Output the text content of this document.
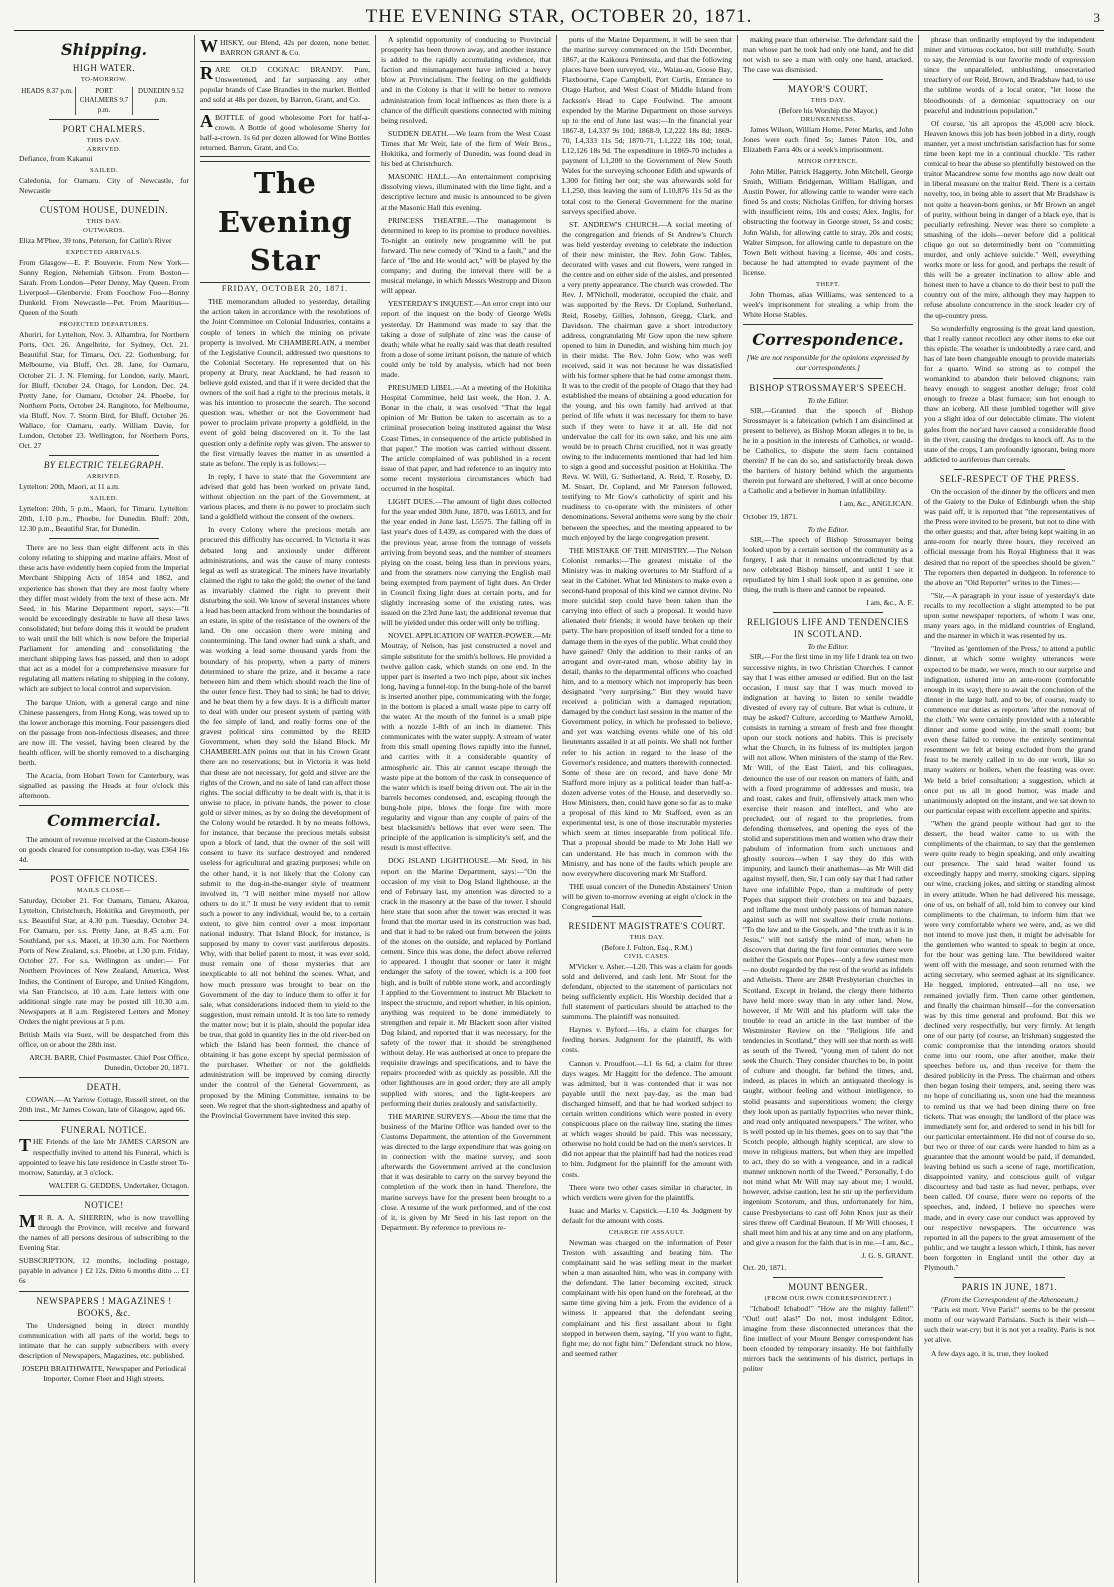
THE EVENING STAR, OCTOBER 20, 1871.	3
Shipping.
HIGH WATER.
TO-MORROW.
HEADS 8.37 p.m.	PORT CHALMERS 9.7 p.m.
DUNEDIN 9.52 p.m.
PORT CHALMERS.
THIS DAY.
ARRIVED.
Defiance, from Kakanui
SAILED.
Caledonia, for Oamaru. City of Newcastle, for Newcastle
CUSTOM HOUSE, DUNEDIN.
THIS DAY.
OUTWARDS.
Eliza M'Phee, 39 tons, Peterson, for Catlin's River
EXPECTED ARRIVALS.
From Glasgow—E. P. Bouverie. From New York—Sunny Region, Nehemiah Gibson. From Boston—Sarah. From London—Peter Denny, May Queen. From Liverpool—Glenbervie. From Foochow Foo—Bonny Dunkeld. From Newcastle—Pet. From Mauritius—Queen of the South
PROJECTED DEPARTURES.
Ahuriri, for Lyttelton, Nov. 3. Alhambra, for Northern Ports, Oct. 26. Angelbrite, for Sydney, Oct. 21. Beautiful Star, for Timaru, Oct. 22. Gothenburg, for Melbourne, via Bluff, Oct. 28. Jane, for Oamaru, October 21. J. N. Fleming, for London, early. Maori, for Bluff, October 24. Otago, for London, Dec. 24. Pretty Jane, for Oamaru, October 24. Phoebe, for Northern Ports, October 24. Rangitoto, for Melbourne, via Bluff, Nov. 7. Storm Bird, for Bluff, October 26. Wallace, for Oamaru, early. William Davie, for London, October 23. Wellington, for Northern Ports, Oct. 27
BY ELECTRIC TELEGRAPH.
ARRIVED.
Lyttelton: 20th, Maori, at 11 a.m.
SAILED.
Lyttelton: 20th, 5 p.m., Maori, for Timaru. Lyttelton: 20th, 1.10 p.m., Phoebe, for Dunedin. Bluff: 20th, 12.30 p.m., Beautiful Star, for Dunedin.
There are no less than eight different acts in this colony relating to shipping and marine affairs. Most of these acts have evidently been copied from the Imperial Merchant Shipping Acts of 1854 and 1862, and experience has shown that they are most faulty where they differ most widely from the text of these acts. Mr Seed, in his Marine Department report, says:—"It would be exceedingly desirable to have all these laws consolidated; but before doing this it would be prudent to wait until the bill which is now before the Imperial Parliament for amending and consolidating the merchant shipping laws has passed, and then to adopt that act as a model for a comprehensive measure for regulating all matters relating to shipping in the colony, which are subject to local control and supervision.
The barque Union, with a general cargo and nine Chinese passengers, from Hong Kong, was towed up to the lower anchorage this morning. Four passengers died on the passage from non-infectious diseases, and three are now ill. The vessel, having been cleared by the health officer, will be shortly removed to a discharging berth.
The Acacia, from Hobart Town for Canterbury, was signalled as passing the Heads at four o'clock this afternoon.
Commercial.
The amount of revenue received at the Custom-house on goods cleared for consumption to-day, was £364 16s 4d.
POST OFFICE NOTICES.
MAILS CLOSE—
Saturday, October 21. For Oamaru, Timaru, Akaroa, Lyttelton, Christchurch, Hokitika and Greymouth, per s.s. Beautiful Star, at 4.30 p.m. Tuesday, October 24. For Oamaru, per s.s. Pretty Jane, at 8.45 a.m. For Southland, per s.s. Maori, at 10.30 a.m. For Northern Ports of New Zealand, s.s. Phoebe, at 1.30 p.m. Friday, October 27. For s.s. Wellington as under:— For Northern Provinces of New Zealand, America, West Indies, the Continent of Europe, and United Kingdom, via San Francisco, at 10 a.m. Late letters with one additional single rate may be posted till 10.30 a.m. Newspapers at 8 a.m. Registered Letters and Money Orders the night previous at 5 p.m.
British Mails via Suez, will be despatched from this office, on or about the 28th inst.
ARCH. BARR, Chief Postmaster. Chief Post Office, Dunedin, October 20, 1871.
DEATH.
COWAN.—At Yarrow Cottage, Russell street, on the 20th inst., Mr James Cowan, late of Glasgow, aged 66.
FUNERAL NOTICE.
THE Friends of the late Mr JAMES CARSON are respectfully invited to attend his Funeral, which is appointed to leave his late residence in Castle street To-morrow, Saturday, at 3 o'clock.
WALTER G. GEDDES, Undertaker, Octagon.
NOTICE!
MR R. A. A. SHERRIN, who is now travelling through the Province, will receive and forward the names of all persons desirous of subscribing to the Evening Star.
SUBSCRIPTION, 12 months, including postage, payable in advance } £2 12s. Ditto 6 months ditto ... £1 6s
NEWSPAPERS ! MAGAZINES ! BOOKS, &c.
The Undersigned being in direct monthly communication with all parts of the world, begs to intimate that he can supply subscribers with every description of Newspapers, Magazines, etc. published.
JOSEPH BRAITHWAITE, Newspaper and Periodical Importer, Corner Fleet and High streets.
WHISKY, our Blend, 42s per dozen, none better. BARRON GRANT & Co.
RARE OLD COGNAC BRANDY. Pure, Unsweetened, and far surpassing any other popular brands of Case Brandies in the market. Bottled and sold at 48s per dozen, by Barron, Grant, and Co.
ABOTTLE of good wholesome Port for half-a-crown. A Bottle of good wholesome Sherry for half-a-crown. 1s 6d per dozen allowed for Wine Bottles returned. Barron, Grant, and Co.
The Evening Star
FRIDAY, OCTOBER 20, 1871.
THE memorandum alluded to yesterday, detailing the action taken in accordance with the resolutions of the Joint Committee on Colonial Industries, contains a couple of letters in which the mining on private property is involved. Mr CHAMBERLAIN, a member of the Legislative Council, addressed two questions to the Colonial Secretary. He represented that on his property at Drury, near Auckland, he had reason to believe gold existed, and that if it were decided that the owners of the soil had a right to the precious metals, it was his intention to prosecute the search. The second question was, whether or not the Government had power to proclaim private property a goldfield, in the event of gold being discovered on it. To the last question only a definite reply was given. The answer to the first virtually leaves the matter in as unsettled a state as before. The reply is as follows:—
In reply, I have to state that the Government are advised that gold has been worked on private land, without objection on the part of the Government, at various places, and there is no power to proclaim such land a goldfield without the consent of the owners.
In every Colony where the precious metals are procured this difficulty has occurred. In Victoria it was debated long and anxiously under different administrations, and was the cause of many contests legal as well as strategical. The miners have invariably claimed the right to take the gold; the owner of the land as invariably claimed the right to prevent their disturbing the soil. We know of several instances where a lead has been attacked from without the boundaries of an estate, in spite of the resistance of the owners of the land. On one occasion there were mining and countermining. The land owner had sunk a shaft, and was working a lead some thousand yards from the boundary of his property, when a party of miners determined to share the prize, and it became a race between him and them which should reach the line of the outer fence first. They had to sink; he had to drive; and he beat them by a few days. It is a difficult matter to deal with under our present system of parting with the fee simple of land, and really forms one of the gravest political sins committed by the REID Government, when they sold the Island Block. Mr CHAMBERLAIN points out that in his Crown Grant there are no reservations; but in Victoria it was held that these are not necessary, for gold and silver are the rights of the Crown, and no sale of land can affect those rights. The social difficulty to be dealt with is, that it is unwise to place, in private hands, the power to close gold or silver mines, as by so doing the development of the Colony would be retarded. It by no means follows, for instance, that because the precious metals subsist upon a block of land, that the owner of the soil will consent to have its surface destroyed and rendered useless for agricultural and grazing purposes; while on the other hand, it is not likely that the Colony can submit to the dog-in-the-manger style of treatment involved in, "I will neither mine myself nor allow others to do it." It must be very evident that to remit such a power to any individual, would be, to a certain extent, to give him control over a most important national industry. That Island Block, for instance, is supposed by many to cover vast auriferous deposits. Why, with that belief patent to most, it was ever sold, must remain one of those mysteries that are inexplicable to all not behind the scenes. What, and how much pressure was brought to bear on the Government of the day to induce them to offer it for sale, what considerations induced them to yield to the suggestion, must remain untold. It is too late to remedy the matter now; but it is plain, should the popular idea be true, that gold in quantity lies in the old river-bed on which the Island has been formed, the chance of obtaining it has gone except by special permission of the purchaser. Whether or not the goldfields administration will be improved by coming directly under the control of the General Government, as proposed by the Mining Committee, remains to be seen. We regret that the short-sightedness and apathy of the Provincial Government have invited this step.
A splendid opportunity of conducing to Provincial prosperity has been thrown away, and another instance is added to the rapidly accumulating evidence, that faction and mismanagement have inflicted a heavy blow at Provincialism. The feeling on the goldfields and in the Colony is that it will be better to remove administration from local influences as then there is a chance of the difficult questions connected with mining being resolved.
SUDDEN DEATH.—We learn from the West Coast Times that Mr Weir, late of the firm of Weir Bros., Hokitika, and formerly of Dunedin, was found dead in his bed at Christchurch.
MASONIC HALL.—An entertainment comprising dissolving views, illuminated with the lime light, and a descriptive lecture and music is announced to be given at the Masonic Hall this evening.
PRINCESS THEATRE.—The management is determined to keep to its promise to produce novelties. To-night an entirely new programme will be put forward. The new comedy of "Kind to a fault," and the farce of "Ibe and He would act," will be played by the company; and during the interval there will be a musical melange, in which Messrs Westropp and Dixon will appear.
YESTERDAY'S INQUEST.—An error crept into our report of the inquest on the body of George Wells yesterday. Dr Hammond was made to say that the taking a dose of sulphate of zinc was the cause of death; while what he really said was that death resulted from a dose of some irritant poison, the nature of which could only be told by analysis, which had not been made.
PRESUMED LIBEL.—At a meeting of the Hokitika Hospital Committee, held last week, the Hon. J. A. Bonar in the chair, it was resolved "That the legal opinion of Mr Button be taken to ascertain as to a criminal prosecution being instituted against the West Coast Times, in consequence of the article published in that paper." The motion was carried without dissent. The article complained of was published in a recent issue of that paper, and had reference to an inquiry into some recent mysterious circumstances which had occurred in the hospital.
LIGHT DUES.—The amount of light dues collected for the year ended 30th June, 1870, was L6013, and for the year ended in June last, L5575. The falling off in last year's dues of L439, as compared with the dues of the previous year, arose from the tonnage of vessels arriving from beyond seas, and the number of steamers plying on the coast, being less than in previous years, and from the steamers now carrying the English mail being exempted from payment of light dues. An Order in Council fixing light dues at certain ports, and for slightly increasing some of the existing rates, was issued on the 23rd June last; the additional revenue that will be yielded under this order will only be trifling.
NOVEL APPLICATION OF WATER-POWER.—Mr Moutray, of Nelson, has just constructed a novel and simple substitute for the smith's bellows. He provided a twelve gallon cask, which stands on one end. In the upper part is inserted a two inch pipe, about six inches long, having a funnel-top. In the bung-hole of the barrel is inserted another pipe, communicating with the forge; in the bottom is placed a small waste pipe to carry off the water. At the mouth of the funnel is a small pipe with a nozzle 1-8th of an inch in diameter. This communicates with the water supply. A stream of water from this small opening flows rapidly into the funnel, and carries with it a considerable quantity of atmospheric air. This air cannot escape through the waste pipe at the bottom of the cask in consequence of the water which is itself being driven out. The air in the barrels becomes condensed, and, escaping through the bung-hole pipe, blows the forge fire with more regularity and vigour than any couple of pairs of the best blacksmith's bellows that ever were seen. The principle of the application is simplicity's self, and the result is most effective.
DOG ISLAND LIGHTHOUSE.—Mr Seed, in his report on the Marine Department, says:—"On the occasion of my visit to Dog Island lighthouse, at the end of February last, my attention was directed to a crack in the masonry at the base of the tower. I should here state that soon after the tower was erected it was found that the mortar used in its construction was bad, and that it had to be raked out from between the joints of the stones on the outside, and replaced by Portland cement. Since this was done, the defect above referred to appeared. I thought that sooner or later it might endanger the safety of the tower, which is a 100 feet high, and is built of rubble stone work, and accordingly I applied to the Government to instruct Mr Blackett to inspect the structure, and report whether, in his opinion, anything was required to be done immediately to strengthen and repair it. Mr Blackett soon after visited Dog Island, and reported that it was necessary, for the safety of the tower that it should be strengthened without delay. He was authorised at once to prepare the requisite drawings and specifications, and to have the repairs proceeded with as quickly as possible. All the other lighthouses are in good order; they are all amply supplied with stores, and the light-keepers are performing their duties zealously and satisfactorily.
THE MARINE SURVEYS.—About the time that the business of the Marine Office was handed over to the Customs Department, the attention of the Government was directed to the large expenditure that was going on in connection with the marine survey, and soon afterwards the Government arrived at the conclusion that it was desirable to carry on the survey beyond the completion of the work then in hand. Therefore, the marine surveys have for the present been brought to a close. A resume of the work performed, and of the cost of it, is given by Mr Seed in his last report on the Department. By reference to previous re-
ports of the Marine Department, it will be seen that the marine survey commenced on the 15th December, 1867, at the Kaikoura Peninsula, and that the following places have been surveyed, viz., Waiau-au, Goose Bay, Flaxbourne, Cape Campbell, Port Curtis, Entrance to Otago Harbor, and West Coast of Middle Island from Jackson's Head to Cape Foulwind. The amount expended by the Marine Department on those surveys up to the end of June last was:—In the financial year 1867-8, L4,337 9s 10d; 1868-9, L2,222 18s 8d; 1869-70, L4,333 11s 5d; 1870-71, L1,222 18s 10d; total, L12,126 18s 9d. The expenditure in 1869-70 includes a payment of L1,200 to the Government of New South Wales for the surveying schooner Edith and upwards of L300 for fitting her out; she was afterwards sold for L1,250, thus leaving the sum of L10,876 11s 5d as the total cost to the General Government for the marine surveys specified above.
ST. ANDREW'S CHURCH.—A social meeting of the congregation and friends of St Andrew's Church was held yesterday evening to celebrate the induction of their new minister, the Rev. John Gow. Tables, decorated with vases and cut flowers, were ranged in the centre and on either side of the aisles, and presented a very pretty appearance. The church was crowded. The Rev. J. M'Nicholl, moderator, occupied the chair, and was supported by the Revs. Dr Copland, Sutherland, Reid, Roseby, Gillies, Johnson, Gregg, Clark, and Davidson. The chairman gave a short introductory address, congratulating Mr Gow upon the new sphere opened to him in Dunedin, and wishing him much joy in their midst. The Rev. John Gow, who was well received, said it was not because he was dissatisfied with his former sphere that he had come amongst them. It was to the credit of the people of Otago that they had established the means of obtaining a good education for the young, and his own family had arrived at that period of life when it was necessary for them to have such if they were to have it at all. He did not undervalue the call for its own sake, and his one aim would be to preach Christ crucified, not it was greatly owing to the inducements mentioned that had led him to sign a good and successful position at Hokitika. The Revs. W. Will, G. Sutherland, A. Reid, T. Roseby, D. M. Stuart, Dr. Copland, and Mr Paterson followed, testifying to Mr Gow's catholicity of spirit and his readiness to co-operate with the ministers of other denominations. Several anthems were sung by the choir between the speeches, and the meeting appeared to be much enjoyed by the large congregation present.
THE MISTAKE OF THE MINISTRY.—The Nelson Colonist remarks:—The greatest mistake of the Ministry was in making overtures to Mr Stafford of a seat in the Cabinet. What led Ministers to make even a second-hand proposal of this kind we cannot divine. No more suicidal step could have been taken than the carrying into effect of such a proposal. It would have alienated their friends; it would have broken up their party. The bare proposition of itself tended for a time to damage them in the eyes of the public. What could they have gained? Only the addition to their ranks of an arrogant and over-rated man, whose ability lay in detail, thanks to the departmental officers who coached him, and to a memory which not improperly has been designated "very surprising." But they would have received a politician with a damaged reputation; damaged by the conduct last session in the matter of the Government policy, in which he professed to believe, and yet was watching events while one of his old lieutenants assailed it at all points. We shall not further refer to his action in regard to the lease of the Governor's residence, and matters therewith connected. Some of these are on record, and have done Mr Stafford more injury as a political leader than half-a-dozen adverse votes of the House, and deservedly so. How Ministers, then, could have gone so far as to make a proposal of this kind to Mr Stafford, even as an experimental test, is one of those inscrutable mysteries which seem at times inseparable from political life. That a proposal should be made to Mr John Hall we can understand. He has much in common with the Ministry, and has none of the faults which people are now everywhere discovering mark Mr Stafford.
THE usual concert of the Dunedin Abstainers' Union will be given to-morrow evening at eight o'clock in the Congregational Hall.
RESIDENT MAGISTRATE'S COURT.
THIS DAY.
(Before J. Fulton, Esq., R.M.)
CIVIL CASES.
M'Vicker v. Asher.—L20. This was a claim for goods sold and delivered, and cash lent. Mr Stout for the defendant, objected to the statement of particulars not being sufficiently explicit. His Worship decided that a full statement of particulars should be attached to the summons. The plaintiff was nonsuited.
Haynes v. Byford.—16s, a claim for charges for feeding horses. Judgment for the plaintiff, 8s with costs.
Cannon v. Proudfoot.—L1 6s 6d, a claim for three days wages. Mr Haggitt for the defence. The amount was admitted, but it was contended that it was not payable until the next pay-day, as the man had discharged himself, and that he had worked subject to certain written conditions which were posted in every conspicuous place on the railway line, stating the times at which wages should be paid. This was necessary, otherwise no hold could be had on the men's services. It did not appear that the plaintiff had had the notices read to him. Judgment for the plaintiff for the amount with costs.
There were two other cases similar in character, in which verdicts were given for the plaintiffs.
Isaac and Marks v. Capstick.—L10 4s. Judgment by default for the amount with costs.
CHARGE OF ASSAULT.
Newman was charged on the information of Peter Treston with assaulting and beating him. The complainant said he was selling meat in the market when a man assaulted him, who was in company with the defendant. The latter becoming excited, struck complainant with his open hand on the forehead, at the same time giving him a jerk. From the evidence of a witness it appeared that the defendant seeing complainant and his first assailant about to fight stepped in between them, saying, "If you want to fight, fight me; do not fight him." Defendant struck no blow, and seemed rather
making peace than otherwise. The defendant said the man whose part he took had only one hand, and he did not wish to see a man with only one hand, attacked. The case was dismissed.
MAYOR'S COURT.
THIS DAY.
(Before his Worship the Mayor.)
DRUNKENNESS.
James Wilson, William Home, Peter Marks, and John Jones were each fined 5s; James Paton 10s, and Elizabeth Farra 40s or a week's imprisonment.
MINOR OFFENCE.
John Miller, Patrick Haggerty, John Mitchell, George Smith, William Bridgeman, William Halligan, and Austin Power, for allowing cattle to wander were each fined 5s and costs; Nicholas Griffen, for driving horses with insufficient reins, 10s and costs; Alex. Inglis, for obstructing the footway in George street, 5s and costs; John Walsh, for allowing cattle to stray, 20s and costs; Walter Simpson, for allowing cattle to depasture on the Town Belt without having a license, 40s and costs, because he had attempted to evade payment of the license.
THEFT.
John Thomas, alias Williams, was sentenced to a week's imprisonment for stealing a whip from the White Horse Stables.
Correspondence.
[We are not responsible for the opinions expressed by our correspondents.]
BISHOP STROSSMAYER'S SPEECH.
To the Editor.
SIR,—Granted that the speech of Bishop Strossmayer is a fabrication (which I am disinclined at present to believe), as Bishop Moran alleges it to be, is he in a position in the interests of Catholics, or would-be Catholics, to dispute the stern facts contained therein? If he can do so, and satisfactorily break down the barriers of history behind which the arguments therein put forward are sheltered, I will at once become a Catholic and a believer in human infallibility.
I am, &c., ANGLICAN.
October 19, 1871.
To the Editor.
SIR,—The speech of Bishop Strossmayer being looked upon by a certain section of the community as a forgery, I ask that it remains uncontradicted by that now celebrated Bishop himself, and until I see it repudiated by him I shall look upon it as genuine, one thing, the truth is there and cannot be repeated.
I am, &c., A. F.
RELIGIOUS LIFE AND TENDENCIES IN SCOTLAND.
To the Editor.
SIR,—For the first time in my life I drank tea on two successive nights, in two Christian Churches. I cannot say that I was either amused or edified. But on the last occasion, I must say that I was much moved to indignation at having to listen to senile twaddle divested of every ray of culture. But what is culture, it may be asked? Culture, according to Matthew Arnold, consists in turning a stream of fresh and free thought upon our stock notions and habits. This is precisely what the Church, in its fulness of its multiplex jargon will not allow. When ministers of the stamp of the Rev. Mr Will, of the East Taieri, and his colleagues, denounce the use of our reason on matters of faith, and with a fixed programme of addresses and music, tea and toast, cakes and fruit, offensively attack men who exercise their reason and intellect, and who are precluded, out of regard to the proprieties, from defending themselves, and opening the eyes of the stolid and superstitious men and women who draw their pabulum of information from such unctuous and ghostly sources—when I say they do this with impunity, and launch their anathemas—as Mr Will did against myself, then, Sir, I can only say that I had rather have one infallible Pope, than a multitude of petty Popes that support their crotchets on tea and bazaars, and inflame the most unholy passions of human nature against such as will not swallow their crude notions. "To the law and to the Gospels, and "the truth as it is in Jesus," will not satisfy the mind of man, when he discovers that during the first four centuries there were neither the Gospels nor Popes—only a few earnest men—no doubt regarded by the rest of the world as infidels and Atheists. There are 2848 Presbyterian churches in Scotland. Except in Ireland, the clergy there hitherto have held more sway than in any other land. Now, however, if Mr Will and his platform will take the trouble to read an article in the last number of the Westminster Review on the "Religious life and tendencies in Scotland," they will see that north as well as south of the Tweed, "young men of talent do not seek the Church. They consider churches to be, in point of culture and thought, far behind the times, and, indeed, as places in which an antiquated theology is taught, without feeling and without intelligence, to stolid peasants and superstitious women; the clergy they look upon as partially hypocrites who never think, and read only antiquated newspapers." The writer, who is well posted up in his themes, goes on to say that "the Scotch people, although highly sceptical, are slow to move in religious matters, but when they are impelled to act, they do so with a vengeance, and in a radical manner unknown north of the Tweed." Personally, I do not mind what Mr Will may say about me; I would, however, advise caution, lest he stir up the perfervidum ingenium Scotorum, and thus, unfortunately for him, cause Presbyterians to cast off John Knox just as their sires threw off Cardinal Beatoun. If Mr Will chooses, I shall meet him and his at any time and on any platform, and give a reason for the faith that is in me.—I am, &c.,
J. G. S. GRANT.
Oct. 20, 1871.
MOUNT BENGER.
(FROM OUR OWN CORRESPONDENT.)
"Ichabod! Ichabod!" "How are the mighty fallen!" "Out! out! alas!" Do not, most indulgent Editor, imagine from these disconnected utterances that the fine intellect of your Mount Benger correspondent has been clouded by temporary insanity. He but faithfully mirrors back the sentiments of his district, perhaps in politer
phrase than ordinarily employed by the independent miner and virtuous cockatoo, but still truthfully. South to say, the Jeremiad is our favorite mode of expression since the unparalleled, unblushing, unsecretaried treachery of our Reid, Brown, and Bradshaw had, to use the sublime words of a local orator, "let loose the bloodhounds of a demoniac squattocracy on our peaceful and industrious population."
Of course, 'tis all apropos the 45,000 acre block. Heaven knows this job has been jobbed in a dirty, rough manner, yet a most unchristian satisfaction has for some time been kept me in a continual chuckle. 'Tis rather comical to hear the abuse so plentifully bestowed on the traitor Macandrew some few months ago now dealt out in liberal measure on the traitor Reid. There is a certain novelty, too, in being able to assert that Mr Bradshaw is not quite a heaven-born genius, or Mr Brown an angel of purity, without being in danger of a black eye, that is peculiarly refreshing. Never was there so complete a smashing of the idols—never before did a political clique go out so determinedly bent on "committing murder, and only achieve suicide." Well, everything works more or less for good, and perhaps the result of this will be a greater inclination to allow able and honest men to have a chance to do their best to pull the country out of the mire, although they may happen to refuse absolute concurrence in the stock leader cry of the up-country press.
So wonderfully engrossing is the great land question, that I really cannot recollect any other items to eke out this epistle. The weather is undoubtedly a rare card, and has of late been changeable enough to provide materials for a quarto. Wind so strong as to compel the womankind to abandon their beloved chignons; rain heavy enough to suggest another deluge; frost cold enough to freeze a blast furnace; sun hot enough to thaw an iceberg. All these jumbled together will give you a slight idea of our delectable climate. The violent gales from the nor'ard have caused a considerable flood in the river, causing the dredges to knock off. As to the state of the crops, I am profoundly ignorant, being more addicted to auriferous than cereals.
SELF-RESPECT OF THE PRESS.
On the occasion of the dinner by the officers and men of the Gaiety to the Duke of Edinburgh when the ship was paid off, it is reported that "the representatives of the Press were invited to be present, but not to dine with the other guests; and that, after being kept waiting in an ante-room for nearly three hours, they received an official message from his Royal Highness that it was desired that no report of the speeches should be given." The reporters then departed in dudgeon. In reference to the above an "Old Reporter" writes to the Times:—
"Sir,—A paragraph in your issue of yesterday's date recalls to my recollection a slight attempted to be put upon some newspaper reporters, of whom I was one, many years ago, in the midland countries of England, and the manner in which it was resented by us.
"Invited as 'gentlemen of the Press,' to attend a public dinner, at which some weighty utterances were expected to be made, we were, much to our surprise and indignation, ushered into an ante-room (comfortable enough in its way), there to await the conclusion of the dinner in the large hall, and to be, of course, ready to commence our duties as reporters 'after the removal of the cloth.' We were certainly provided with a tolerable dinner and some good wine, in the small room; but even these failed to remove the entirely sentimental resentment we felt at being excluded from the grand feast to be merely called in to do our work, like so many waiters or boilers, when the feasting was over. We held a brief consultation; a suggestion, which at once put us all in good humor, was made and unanimously adopted on the instant, and we sat down to our particular repast with excellent appetite and spirits.
"When the grand people without had got to the dessert, the head waiter came to us with the compliments of the chairman, to say that the gentlemen were quite ready to begin speaking, and only awaiting our presence. The said head waiter found us exceedingly happy and merry, smoking cigars, sipping our wine, cracking jokes, and sitting or standing almost in every attitude. When he had delivered his message, one of us, on behalf of all, told him to convey our kind compliments to the chairman, to inform him that we were very comfortable where we were, and, as we did not intend to move just then, it might be advisable for the gentlemen who wanted to speak to begin at once, for the hour was getting late. The bewildered waiter went off with the message, and soon returned with the acting secretary, who seemed aghast at its significance. He begged, implored, entreated—all no use, we remained jovially firm. Then came other gentlemen, and finally the chairman himself—for the conversation was by this time general and profound. But this we declined very respectfully, but very firmly. At length one of our party (of course, an Irishman) suggested the comic compromise that the intending orators should come into our room, one after another, make their speeches before us, and thus receive for them the desired publicity in the Press. The chairman and others then began losing their tempers, and, seeing there was no hope of conciliating us, soon one had the meanness to remind us that we had been dining there on free tickets. That was enough; the landlord of the place was immediately sent for, and ordered to send in his bill for our particular entertainment. He did not of course do so, but two or three of our cards were handed to him as a guarantee that the amount would be paid, if demanded, leaving behind us such a scene of rage, mortification, disappointed vanity, and conscious guilt of vulgar discourtesy and bad taste as had never, perhaps, ever been called. Of course, there were no reports of the speeches, and, indeed, I believe no speeches were made, and in every case our conduct was approved by our respective newspapers. The occurrence was reported in all the papers to the great amusement of the public, and we taught a lesson which, I think, has never been forgotten in England until the other day at Plymouth."
PARIS IN JUNE, 1871.
(From the Correspondent of the Athenaeum.)
"Paris est mort. Vive Paris!" seems to be the present motto of our wayward Parisians. Such is their wish—such their war-cry; but it is not yet a reality. Paris is not yet alive.
A few days ago, it is, true, they looked
